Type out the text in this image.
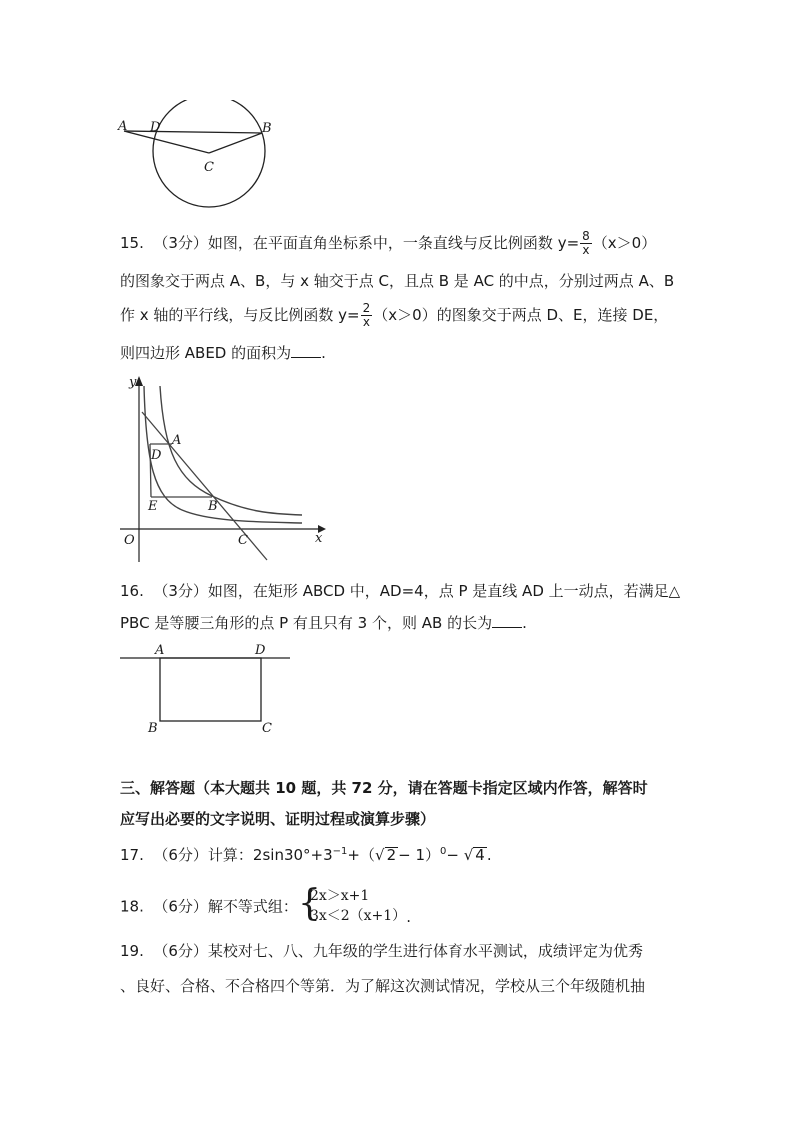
A D	B
C
15.  （3分）如图，在平面直角坐标系中，一条直线与反比例函数 $y= \frac{8}{x} (x>0)$
的图象交于两点 A、B，与 x 轴交于点 C，且点 B 是 AC 的中点，分别过两点 A、B
作 x 轴的平行线，与反比例函数 $y= \frac{2}{x} (x>0)$的图象交于两点 D、E，连接 DE，
则四边形 ABED 的面积为 .
y
x
O
A
D
E	B
C
16.  （3分）如图，在矩形 ABCD 中，AD=4，点 P 是直线 AD 上一动点，若满足△
PBC 是等腰三角形的点 P 有且只有 3 个，则 AB 的长为 .
A	D
B	C
三、解答题（本大题共 10 题，共 72 分，请在答题卡指定区域内作答，解答时
应写出必要的文字说明、证明过程或演算步骤）
17.  （6分）计算：$2\sin 30^\circ+3^{-1}+(√$ 2 − 1）$^0$− √ 4 .
18.  （6分）解不等式组： {
2x＞x+1
3x＜2（x+1） .
19.  （6分）某校对七、八、九年级的学生进行体育水平测试，成绩评定为优秀
、良好、合格、不合格四个等第．为了解这次测试情况，学校从三个年级随机抽
